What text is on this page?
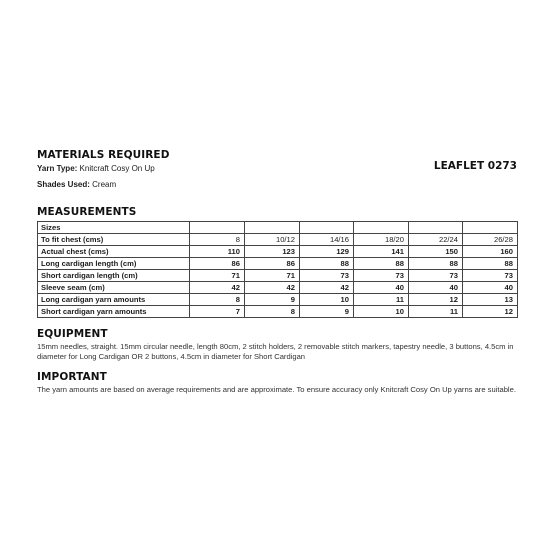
MATERIALS REQUIRED
LEAFLET 0273

Yarn Type: Knitcraft Cosy On Up

Shades Used: Cream

MEASUREMENTS
Sizes						
To fit chest (cms)	8	10/12	14/16	18/20	22/24	26/28
Actual chest (cms)	110	123	129	141	150	160
Long cardigan length (cm)	86	86	88	88	88	88
Short cardigan length (cm)	71	71	73	73	73	73
Sleeve seam (cm)	42	42	42	40	40	40
Long cardigan yarn amounts	8	9	10	11	12	13
Short cardigan yarn amounts	7	8	9	10	11	12
EQUIPMENT

15mm needles, straight. 15mm circular needle, length 80cm, 2 stitch holders, 2 removable stitch markers, tapestry needle, 3 buttons, 4.5cm in diameter for Long Cardigan OR 2 buttons, 4.5cm in diameter for Short Cardigan

IMPORTANT

The yarn amounts are based on average requirements and are approximate. To ensure accuracy only Knitcraft Cosy On Up yarns are suitable.
